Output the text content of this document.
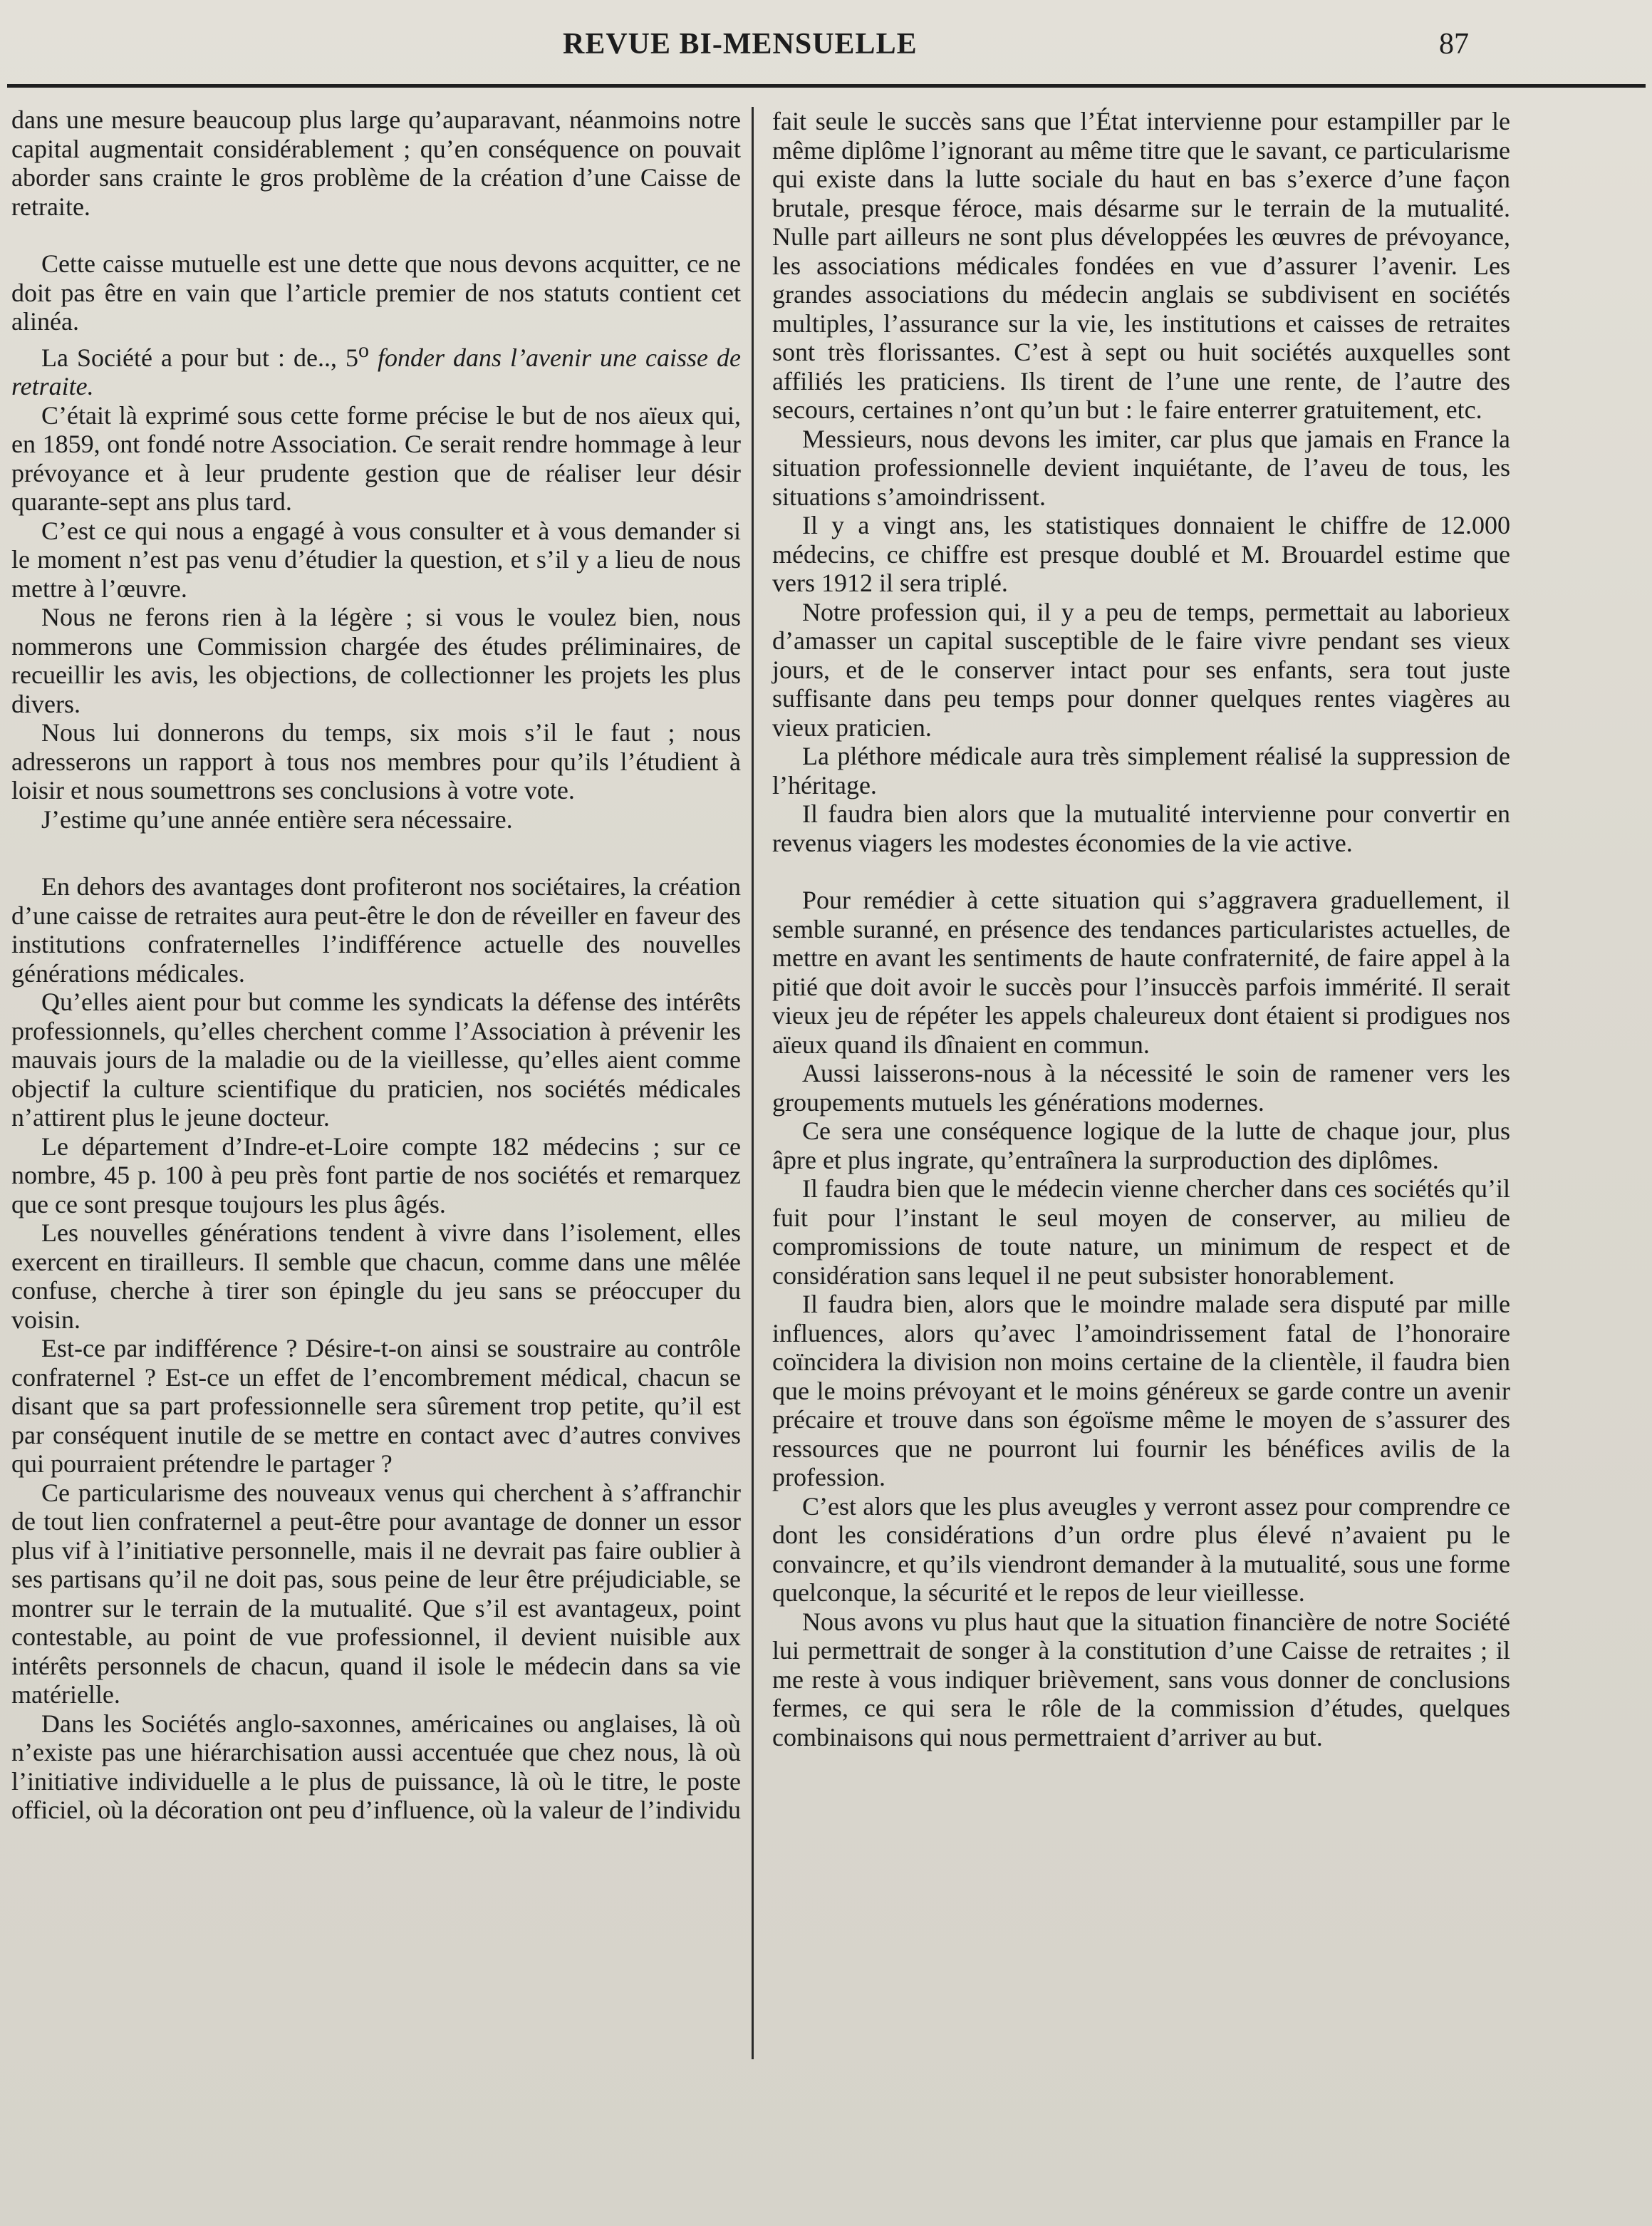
REVUE BI-MENSUELLE	87

dans une mesure beaucoup plus large qu’auparavant, néanmoins notre capital augmentait considérablement ; qu’en conséquence on pouvait aborder sans crainte le gros problème de la création d’une Caisse de retraite.

Cette caisse mutuelle est une dette que nous devons acquitter, ce ne doit pas être en vain que l’article premier de nos statuts contient cet alinéa.

La Société a pour but : de.., 5$^o$ fonder dans l’avenir une caisse de retraite.

C’était là exprimé sous cette forme précise le but de nos aïeux qui, en 1859, ont fondé notre Association. Ce serait rendre hommage à leur prévoyance et à leur prudente gestion que de réaliser leur désir quarante-sept ans plus tard.

C’est ce qui nous a engagé à vous consulter et à vous demander si le moment n’est pas venu d’étudier la question, et s’il y a lieu de nous mettre à l’œuvre.

Nous ne ferons rien à la légère ; si vous le voulez bien, nous nommerons une Commission chargée des études préliminaires, de recueillir les avis, les objections, de collectionner les projets les plus divers.

Nous lui donnerons du temps, six mois s’il le faut ; nous adresserons un rapport à tous nos membres pour qu’ils l’étudient à loisir et nous soumettrons ses conclusions à votre vote.

J’estime qu’une année entière sera nécessaire.

En dehors des avantages dont profiteront nos sociétaires, la création d’une caisse de retraites aura peut-être le don de réveiller en faveur des institutions confraternelles l’indifférence actuelle des nouvelles générations médicales.

Qu’elles aient pour but comme les syndicats la défense des intérêts professionnels, qu’elles cherchent comme l’Association à prévenir les mauvais jours de la maladie ou de la vieillesse, qu’elles aient comme objectif la culture scientifique du praticien, nos sociétés médicales n’attirent plus le jeune docteur.

Le département d’Indre-et-Loire compte 182 médecins ; sur ce nombre, 45 p. 100 à peu près font partie de nos sociétés et remarquez que ce sont presque toujours les plus âgés.

Les nouvelles générations tendent à vivre dans l’isolement, elles exercent en tirailleurs. Il semble que chacun, comme dans une mêlée confuse, cherche à tirer son épingle du jeu sans se préoccuper du voisin.

Est-ce par indifférence ? Désire-t-on ainsi se soustraire au contrôle confraternel ? Est-ce un effet de l’encombrement médical, chacun se disant que sa part professionnelle sera sûrement trop petite, qu’il est par conséquent inutile de se mettre en contact avec d’autres convives qui pourraient prétendre le partager ?

Ce particularisme des nouveaux venus qui cherchent à s’affranchir de tout lien confraternel a peut-être pour avantage de donner un essor plus vif à l’initiative personnelle, mais il ne devrait pas faire oublier à ses partisans qu’il ne doit pas, sous peine de leur être préjudiciable, se montrer sur le terrain de la mutualité. Que s’il est avantageux, point contestable, au point de vue professionnel, il devient nuisible aux intérêts personnels de chacun, quand il isole le médecin dans sa vie matérielle.

Dans les Sociétés anglo-saxonnes, américaines ou anglaises, là où n’existe pas une hiérarchisation aussi accentuée que chez nous, là où l’initiative individuelle a le plus de puissance, là où le titre, le poste officiel, où la décoration ont peu d’influence, où la valeur de l’individu

fait seule le succès sans que l’État intervienne pour estampiller par le même diplôme l’ignorant au même titre que le savant, ce particularisme qui existe dans la lutte sociale du haut en bas s’exerce d’une façon brutale, presque féroce, mais désarme sur le terrain de la mutualité. Nulle part ailleurs ne sont plus développées les œuvres de prévoyance, les associations médicales fondées en vue d’assurer l’avenir. Les grandes associations du médecin anglais se subdivisent en sociétés multiples, l’assurance sur la vie, les institutions et caisses de retraites sont très florissantes. C’est à sept ou huit sociétés auxquelles sont affiliés les praticiens. Ils tirent de l’une une rente, de l’autre des secours, certaines n’ont qu’un but : le faire enterrer gratuitement, etc.

Messieurs, nous devons les imiter, car plus que jamais en France la situation professionnelle devient inquiétante, de l’aveu de tous, les situations s’amoindrissent.

Il y a vingt ans, les statistiques donnaient le chiffre de 12.000 médecins, ce chiffre est presque doublé et M. Brouardel estime que vers 1912 il sera triplé.

Notre profession qui, il y a peu de temps, permettait au laborieux d’amasser un capital susceptible de le faire vivre pendant ses vieux jours, et de le conserver intact pour ses enfants, sera tout juste suffisante dans peu temps pour donner quelques rentes viagères au vieux praticien.

La pléthore médicale aura très simplement réalisé la suppression de l’héritage.

Il faudra bien alors que la mutualité intervienne pour convertir en revenus viagers les modestes économies de la vie active.

Pour remédier à cette situation qui s’aggravera graduellement, il semble suranné, en présence des tendances particularistes actuelles, de mettre en avant les sentiments de haute confraternité, de faire appel à la pitié que doit avoir le succès pour l’insuccès parfois immérité. Il serait vieux jeu de répéter les appels chaleureux dont étaient si prodigues nos aïeux quand ils dînaient en commun.

Aussi laisserons-nous à la nécessité le soin de ramener vers les groupements mutuels les générations modernes.

Ce sera une conséquence logique de la lutte de chaque jour, plus âpre et plus ingrate, qu’entraînera la surproduction des diplômes.

Il faudra bien que le médecin vienne chercher dans ces sociétés qu’il fuit pour l’instant le seul moyen de conserver, au milieu de compromissions de toute nature, un minimum de respect et de considération sans lequel il ne peut subsister honorablement.

Il faudra bien, alors que le moindre malade sera disputé par mille influences, alors qu’avec l’amoindrissement fatal de l’honoraire coïncidera la division non moins certaine de la clientèle, il faudra bien que le moins prévoyant et le moins généreux se garde contre un avenir précaire et trouve dans son égoïsme même le moyen de s’assurer des ressources que ne pourront lui fournir les bénéfices avilis de la profession.

C’est alors que les plus aveugles y verront assez pour comprendre ce dont les considérations d’un ordre plus élevé n’avaient pu le convaincre, et qu’ils viendront demander à la mutualité, sous une forme quelconque, la sécurité et le repos de leur vieillesse.

Nous avons vu plus haut que la situation financière de notre Société lui permettrait de songer à la constitution d’une Caisse de retraites ; il me reste à vous indiquer brièvement, sans vous donner de conclusions fermes, ce qui sera le rôle de la commission d’études, quelques combinaisons qui nous permettraient d’arriver au but.
